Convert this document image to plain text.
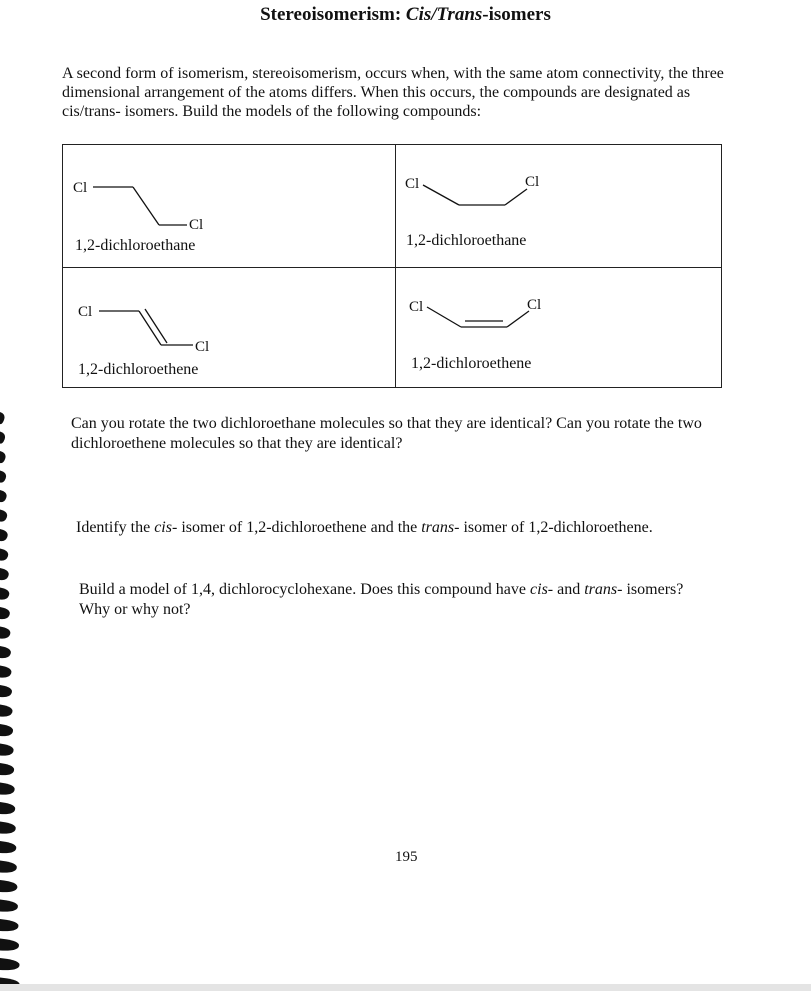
Stereoisomerism: Cis/Trans-isomers
A second form of isomerism, stereoisomerism, occurs when, with the same atom connectivity, the three dimensional arrangement of the atoms differs. When this occurs, the compounds are designated as cis/trans- isomers. Build the models of the following compounds:
Cl
Cl
1,2-dichloroethane
Cl	Cl
1,2-dichloroethane
Cl
Cl
1,2-dichloroethene
Cl	Cl
1,2-dichloroethene
Can you rotate the two dichloroethane molecules so that they are identical? Can you rotate the two dichloroethene molecules so that they are identical?
Identify the cis- isomer of 1,2-dichloroethene and the trans- isomer of 1,2-dichloroethene.
Build a model of 1,4, dichlorocyclohexane. Does this compound have cis- and trans- isomers? Why or why not?
195
